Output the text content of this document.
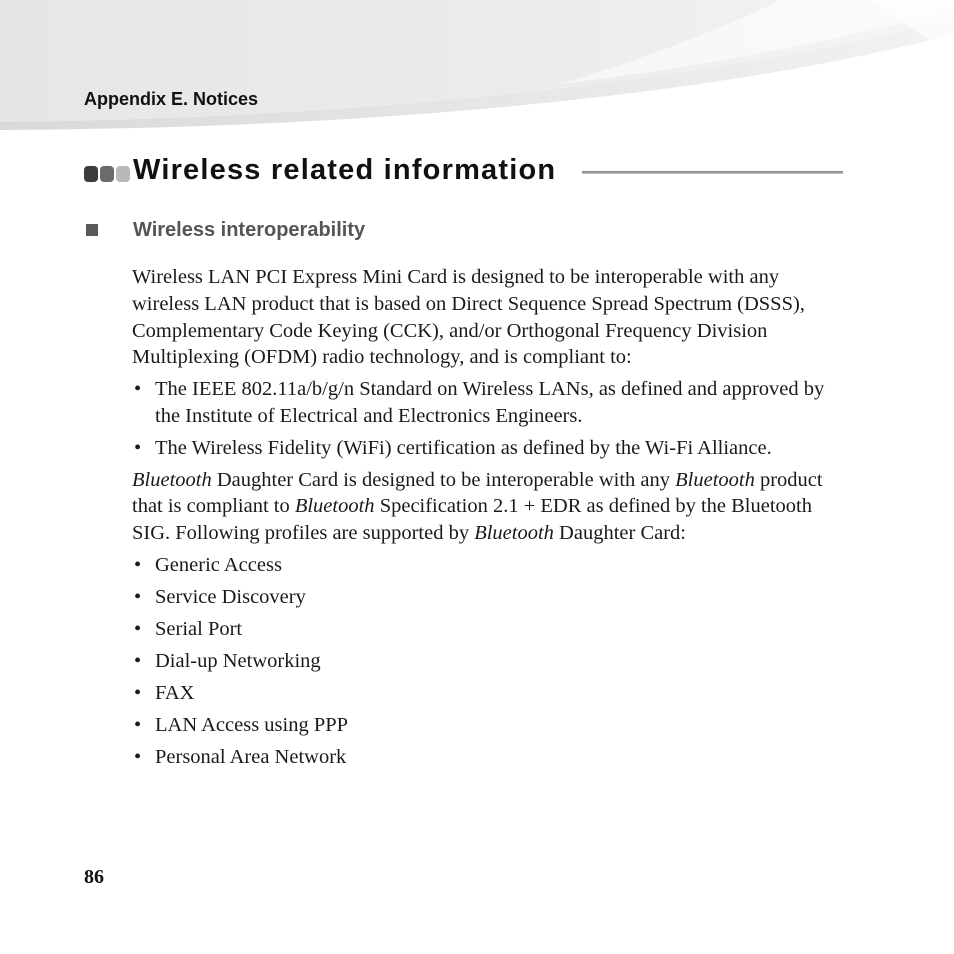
Appendix E. Notices
Wireless related information
Wireless interoperability

Wireless LAN PCI Express Mini Card is designed to be interoperable with any wireless LAN product that is based on Direct Sequence Spread Spectrum (DSSS), Complementary Code Keying (CCK), and/or Orthogonal Frequency Division Multiplexing (OFDM) radio technology, and is compliant to:

• The IEEE 802.11a/b/g/n Standard on Wireless LANs, as defined and approved by the Institute of Electrical and Electronics Engineers.
• The Wireless Fidelity (WiFi) certification as defined by the Wi-Fi Alliance.

Bluetooth Daughter Card is designed to be interoperable with any Bluetooth product that is compliant to Bluetooth Specification 2.1 + EDR as defined by the Bluetooth SIG. Following profiles are supported by Bluetooth Daughter Card:

• Generic Access
• Service Discovery
• Serial Port
• Dial-up Networking
• FAX
• LAN Access using PPP
• Personal Area Network
86
